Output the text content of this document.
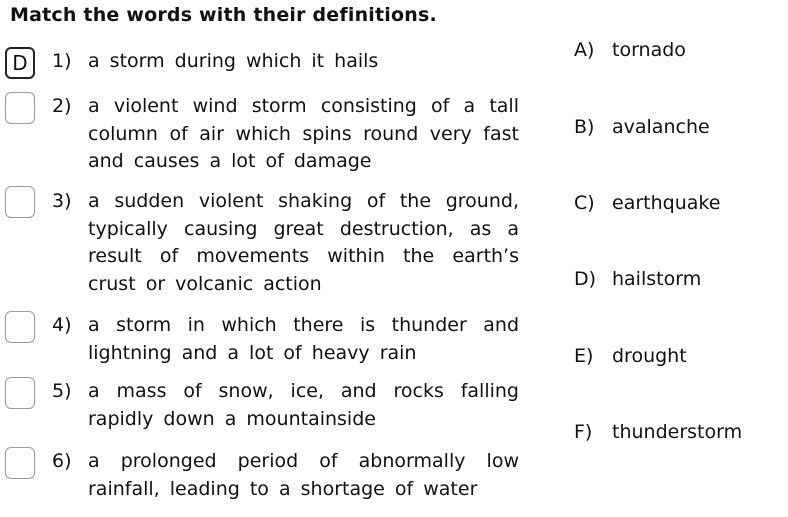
Match the words with their definitions.
D	1) a storm during which it hails
2) a violent wind storm consisting of a tall column of air which spins round very fast and causes a lot of damage
3) a sudden violent shaking of the ground, typically causing great destruction, as a result of movements within the earth’s crust or volcanic action
4) a storm in which there is thunder and lightning and a lot of heavy rain
5) a mass of snow, ice, and rocks falling rapidly down a mountainside
6) a prolonged period of abnormally low rainfall, leading to a shortage of water
A) tornado
B) avalanche
C) earthquake
D) hailstorm
E) drought
F) thunderstorm
